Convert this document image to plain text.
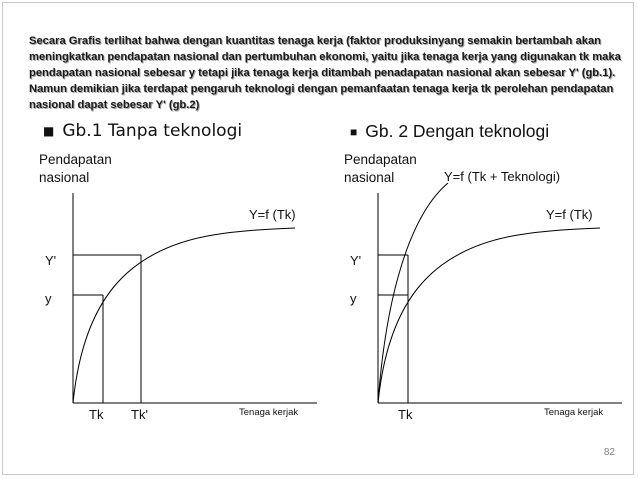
Secara Grafis terlihat bahwa dengan kuantitas tenaga kerja (faktor produksinyang semakin bertambah akan
meningkatkan pendapatan nasional dan pertumbuhan ekonomi, yaitu jika tenaga kerja yang digunakan tk maka
pendapatan nasional sebesar y tetapi jika tenaga kerja ditambah penadapatan nasional akan sebesar Y' (gb.1).
Namun demikian jika terdapat pengaruh teknologi dengan pemanfaatan tenaga kerja tk perolehan pendapatan
nasional dapat sebesar Y' (gb.2)
■ Gb.1 Tanpa teknologi	■ Gb. 2 Dengan teknologi
Pendapatan
nasional
Y=f (Tk)
Y'
y
Tk Tk'	Tenaga kerjak
Pendapatan
nasional	Y=f (Tk + Teknologi)
Y=f (Tk)
Y'
y
Tk	Tenaga kerjak
82
